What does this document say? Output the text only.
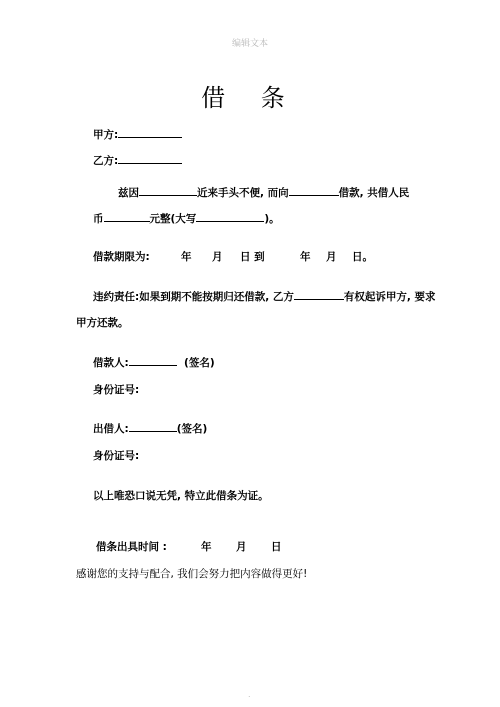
编辑文本
借 条
甲方:
乙方:
兹因	近来手头不便, 而向	借款, 共借人民
币	元整(大写	)。
借款期限为:	年 月 日 到	年 月 日。
违约责任:如果到期不能按期归还借款, 乙方	有权起诉甲方, 要求
甲方还款。
借款人:	(签名)
身份证号:
出借人:	(签名)
身份证号:
以上唯恐口说无凭, 特立此借条为证。
借条出具时间 :	年 月 日
感谢您的支持与配合, 我们会努力把内容做得更好!
.
